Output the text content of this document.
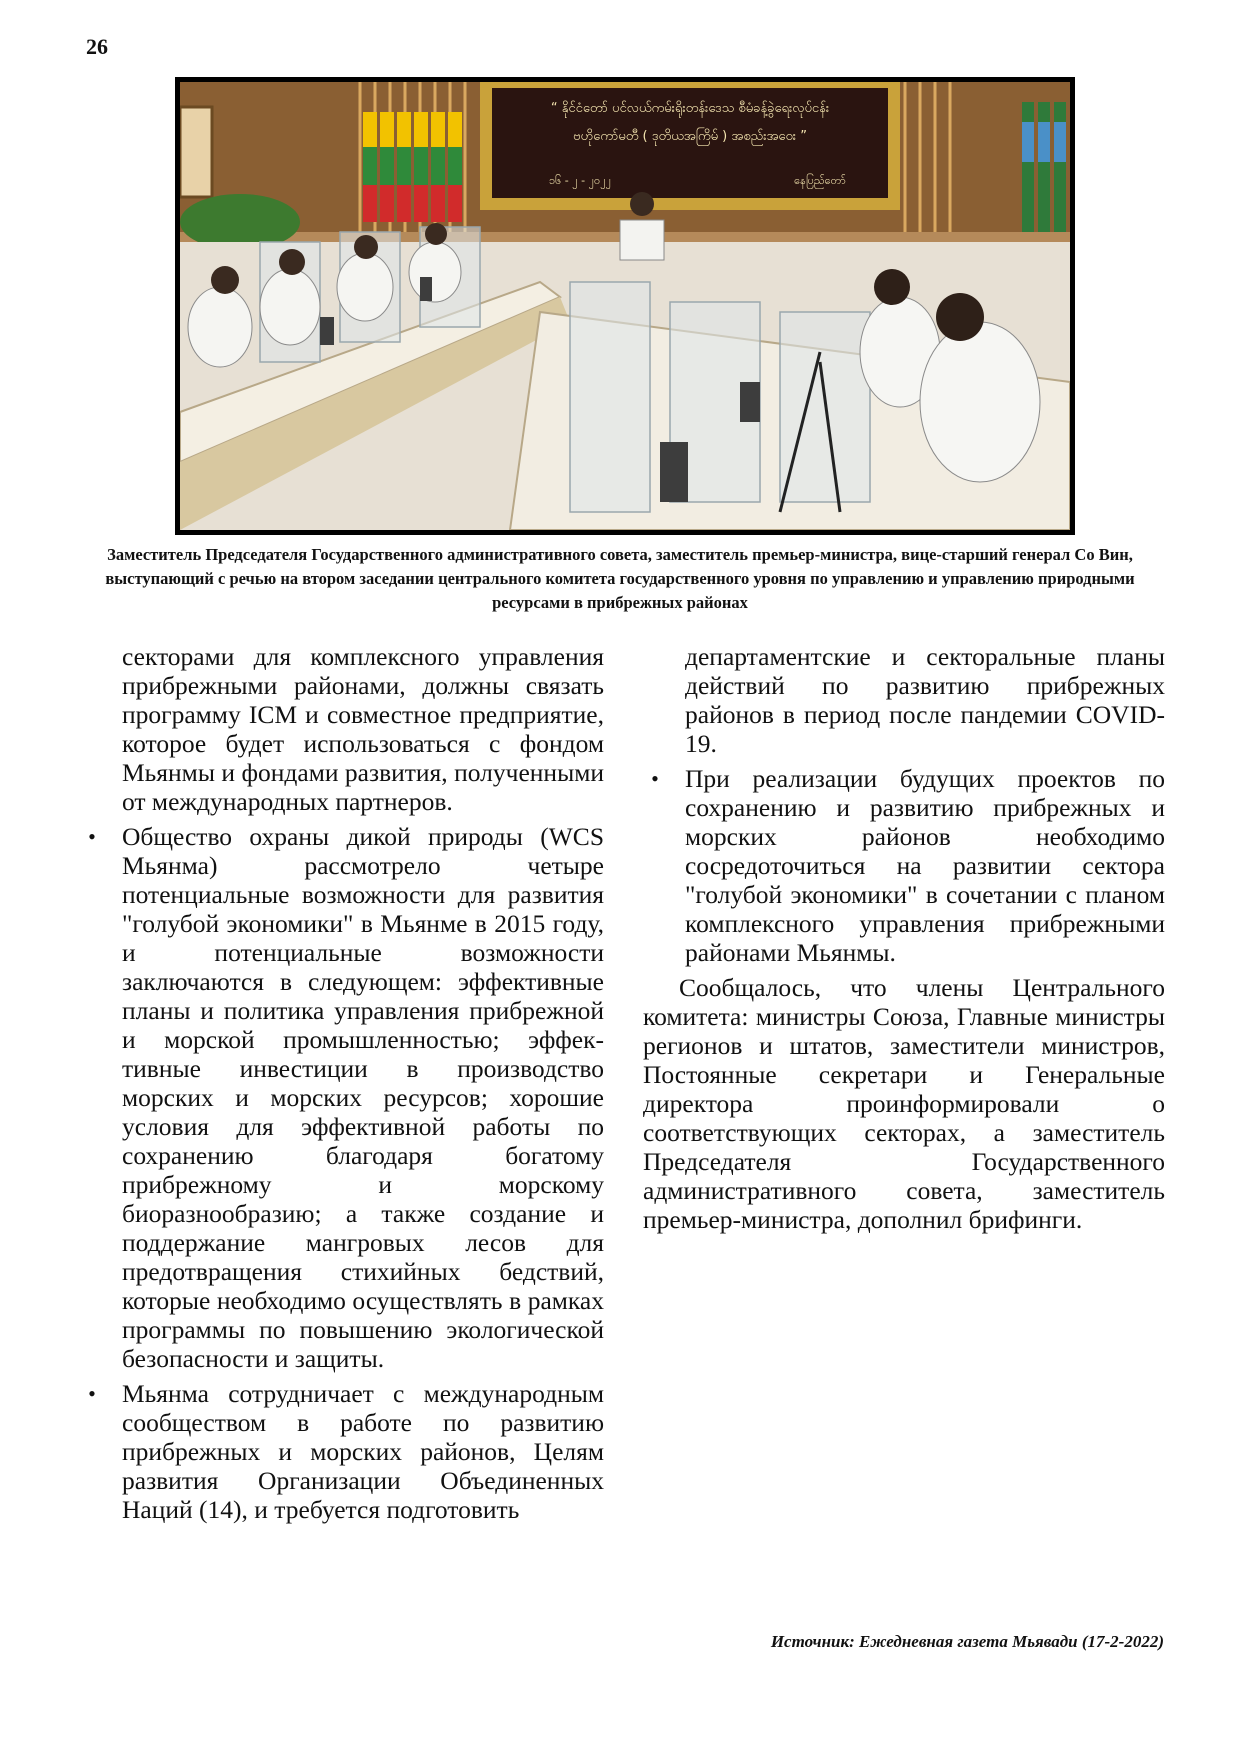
26
“ နိုင်ငံတော် ပင်လယ်ကမ်းရိုးတန်းဒေသ စီမံခန့်ခွဲရေးလုပ်ငန်း
ဗဟိုကော်မတီ ( ဒုတိယအကြိမ် ) အစည်းအဝေး ”
၁၆ - ၂ - ၂၀၂၂	နေပြည်တော်
Заместитель Председателя Государственного административного совета, заместитель премьер-министра, вице-старший генерал Со Вин, выступающий с речью на втором заседании центрального комитета государственного уровня по управлению и управлению природными ресурсами в прибрежных районах

секторами для комплексного управления прибрежными районами, должны связать программу ICM и совместное предприятие, которое будет использоваться с фондом Мьянмы и фондами развития, полученными от международных партнеров.

• Общество охраны дикой природы (WCS Мьянма) рассмотрело четыре потенциальные возможности для развития "голубой экономики" в Мьянме в 2015 году, и потенциальные возможности заключаются в следующем: эффективные планы и политика управления прибрежной и морской промышленностью; эффективные инвестиции в производство морских и морских ресурсов; хорошие условия для эффективной работы по сохранению благодаря богатому прибрежному и морскому биоразнообразию; а также создание и поддержание мангровых лесов для предотвращения стихийных бедствий, которые необходимо осуществлять в рамках программы по повышению экологической безопасности и защиты.

• Мьянма сотрудничает с международным сообществом в работе по развитию прибрежных и морских районов, Целям развития Организации Объединенных Наций (14), и требуется подготовить

департаментские и секторальные планы действий по развитию прибрежных районов в период после пандемии COVID-19.

• При реализации будущих проектов по сохранению и развитию прибрежных и морских районов необходимо сосредоточиться на развитии сектора "голубой экономики" в сочетании с планом комплексного управления прибрежными районами Мьянмы.

Сообщалось, что члены Центрального комитета: министры Союза, Главные министры регионов и штатов, заместители министров, Постоянные секретари и Генеральные директора проинформировали о соответствующих секторах, а заместитель Председателя Государственного административного совета, заместитель премьер-министра, дополнил брифинги.

Источник: Ежедневная газета Мьявади (17-2-2022)
